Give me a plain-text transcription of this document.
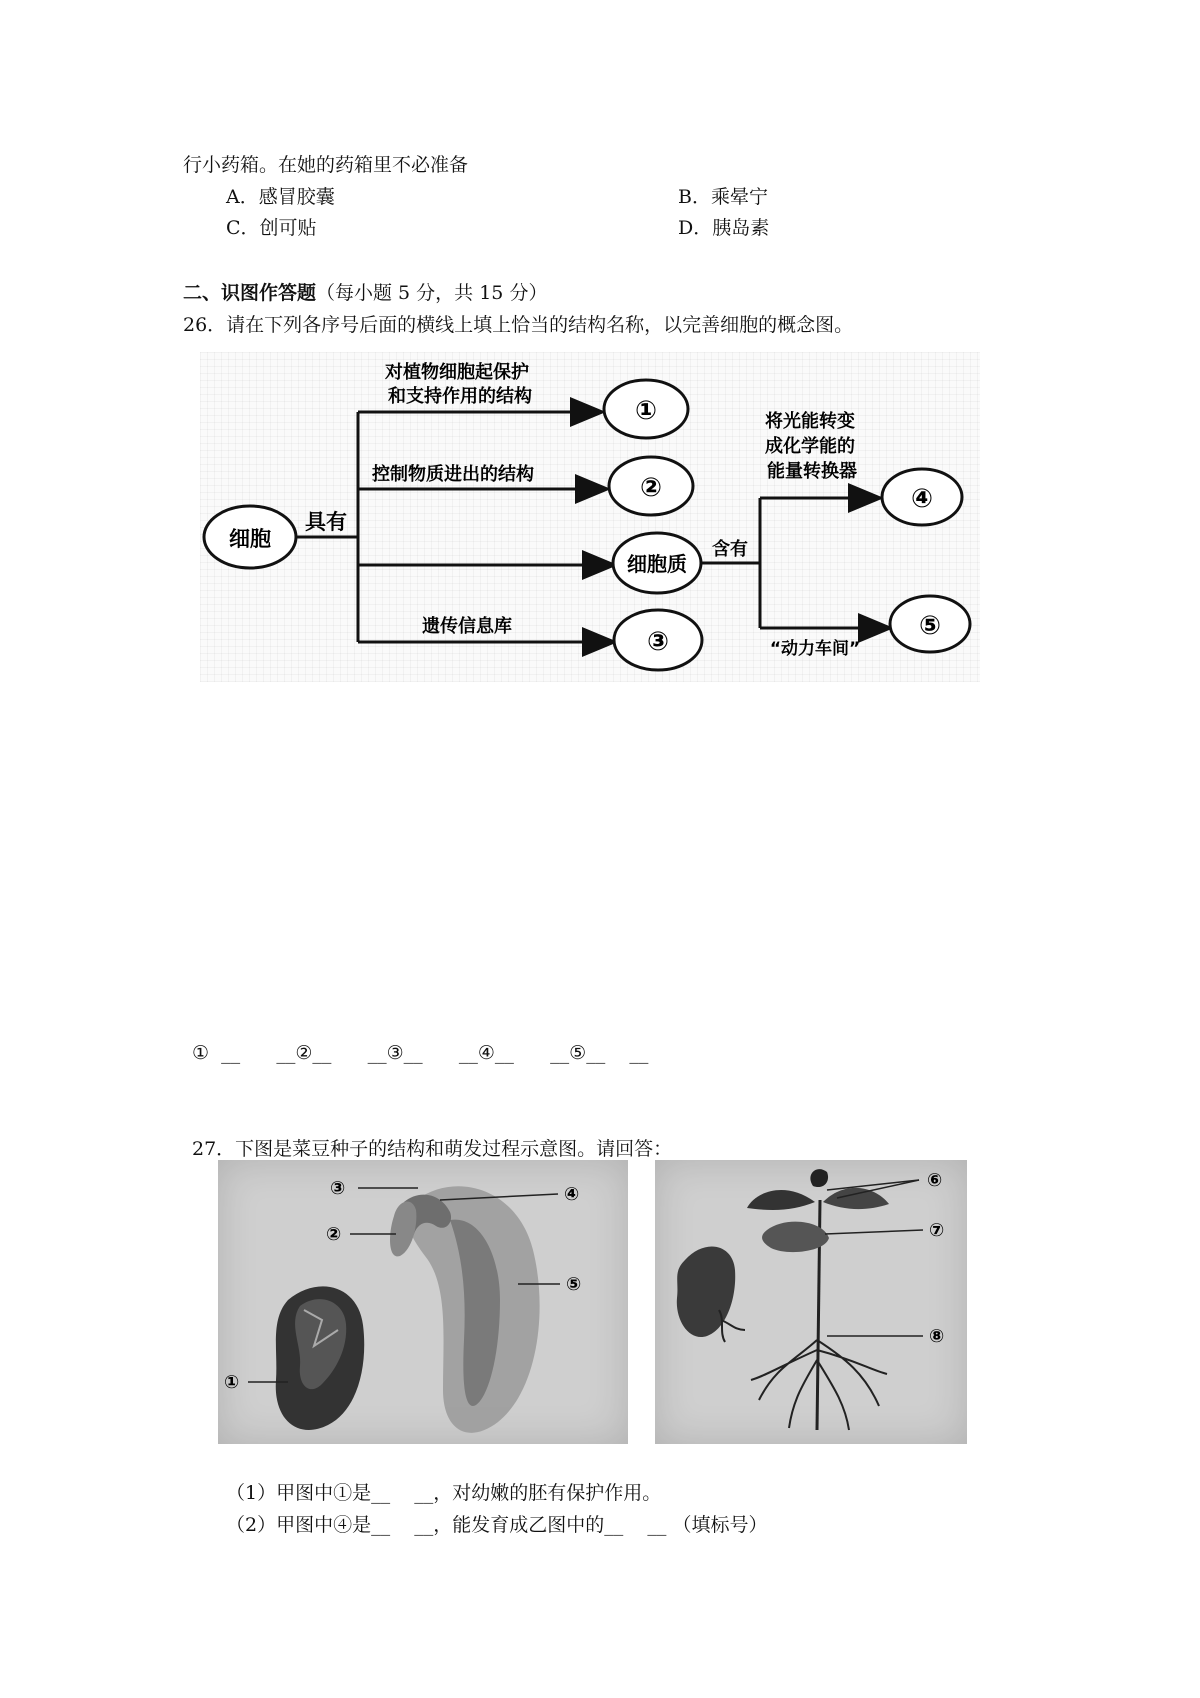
行小药箱。在她的药箱里不必准备
A．感冒胶囊	B．乘晕宁
C．创可贴	D．胰岛素
二、识图作答题（每小题 5 分，共 15 分）
26．请在下列各序号后面的横线上填上恰当的结构名称，以完善细胞的概念图。
细胞
具有
对植物细胞起保护
和支持作用的结构	①
控制物质进出的结构	②
细胞质
含有
遗传信息库
③
将光能转变
成化学能的
能量转换器
“动力车间”
④
⑤
①  __      __②__      __③__      __④__      __⑤__    __
27．下图是菜豆种子的结构和萌发过程示意图。请回答：
③	④
②
⑤
①
⑥
⑦
⑧
（1）甲图中①是__    __，对幼嫩的胚有保护作用。
（2）甲图中④是__    __，能发育成乙图中的__    __ （填标号）
